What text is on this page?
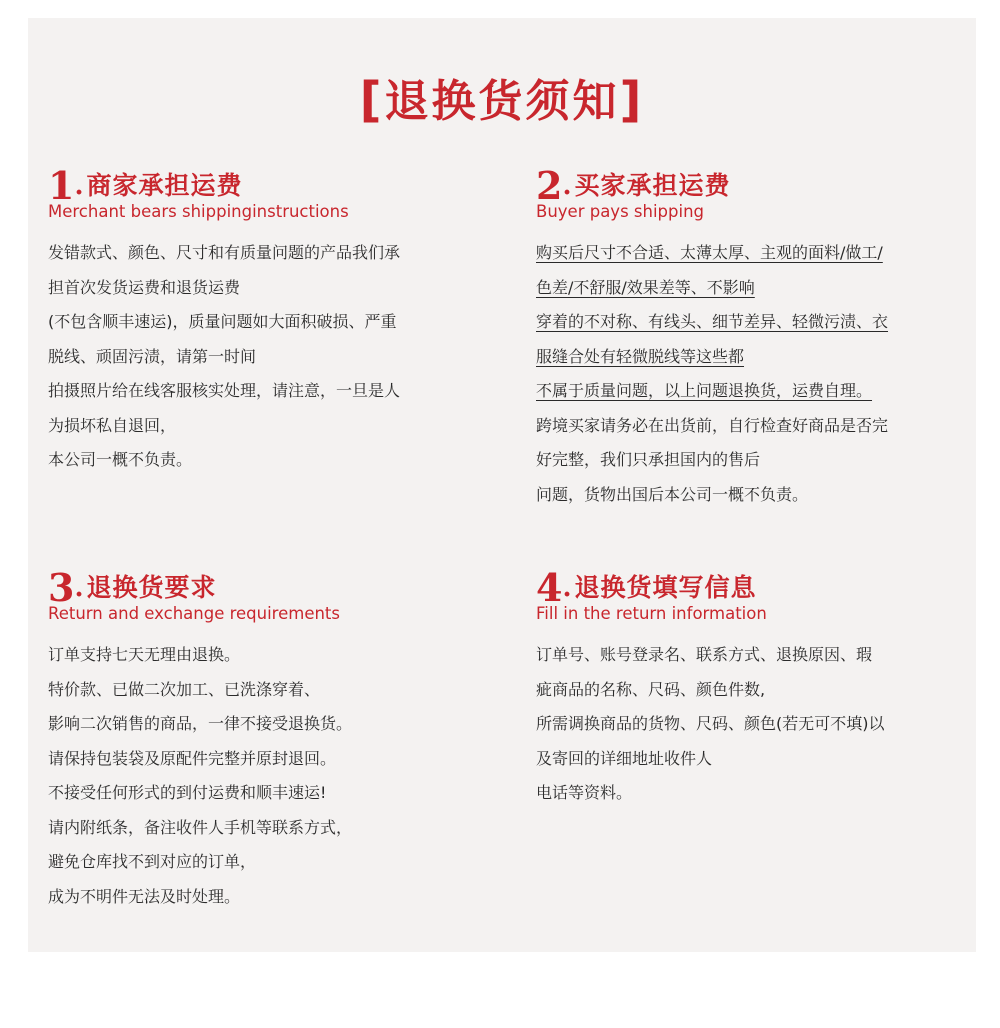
[退换货须知]
1. 商家承担运费
Merchant bears shippinginstructions
发错款式、颜色、尺寸和有质量问题的产品我们承
担首次发货运费和退货运费
(不包含顺丰速运)，质量问题如大面积破损、严重
脱线、顽固污渍，请第一时间
拍摄照片给在线客服核实处理，请注意，一旦是人
为损坏私自退回，
本公司一概不负责。
2. 买家承担运费
Buyer pays shipping
购买后尺寸不合适、太薄太厚、主观的面料/做工/
色差/不舒服/效果差等、不影响
穿着的不对称、有线头、细节差异、轻微污渍、衣
服缝合处有轻微脱线等这些都
不属于质量问题，以上问题退换货，运费自理。
跨境买家请务必在出货前，自行检查好商品是否完
好完整，我们只承担国内的售后
问题，货物出国后本公司一概不负责。
3. 退换货要求
Return and exchange requirements
订单支持七天无理由退换。
特价款、已做二次加工、已洗涤穿着、
影响二次销售的商品，一律不接受退换货。
请保持包装袋及原配件完整并原封退回。
不接受任何形式的到付运费和顺丰速运!
请内附纸条，备注收件人手机等联系方式，
避免仓库找不到对应的订单，
成为不明件无法及时处理。
4. 退换货填写信息
Fill in the return information
订单号、账号登录名、联系方式、退换原因、瑕
疵商品的名称、尺码、颜色件数,
所需调换商品的货物、尺码、颜色(若无可不填)以
及寄回的详细地址收件人
电话等资料。
